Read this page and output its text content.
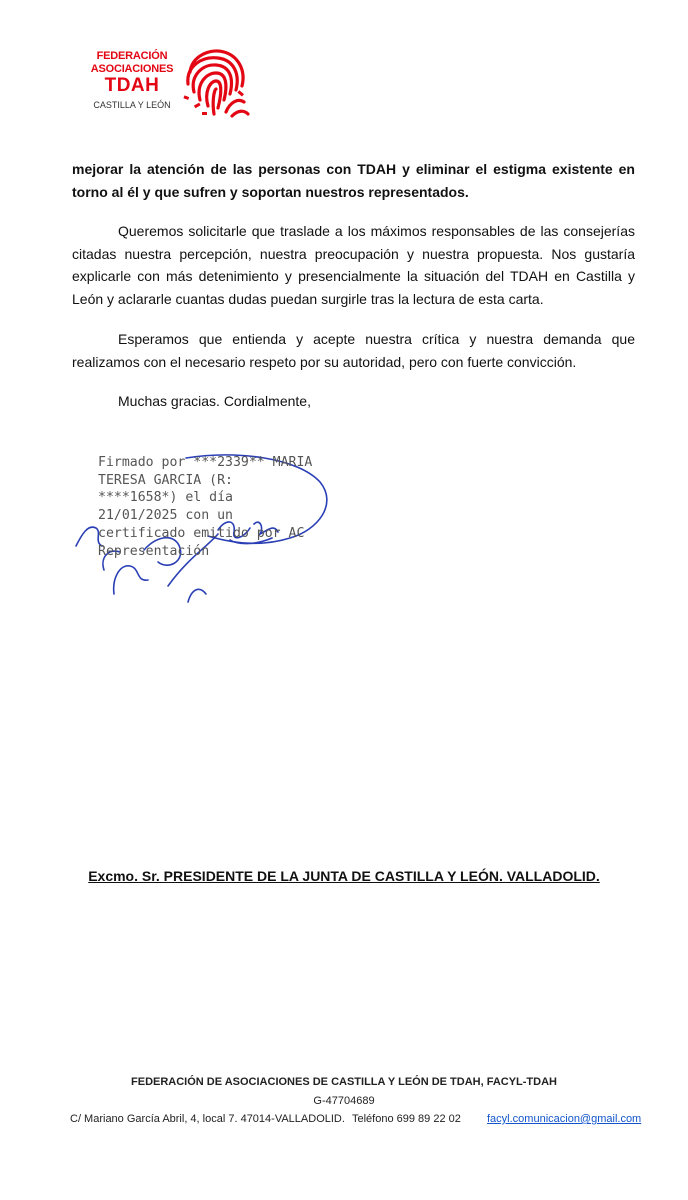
FEDERACIÓN
ASOCIACIONES
TDAH
CASTILLA Y LEÓN
mejorar la atención de las personas con TDAH y eliminar el estigma existente en torno al él y que sufren y soportan nuestros representados.
Queremos solicitarle que traslade a los máximos responsables de las consejerías citadas nuestra percepción, nuestra preocupación y nuestra propuesta. Nos gustaría explicarle con más detenimiento y presencialmente la situación del TDAH en Castilla y León y aclararle cuantas dudas puedan surgirle tras la lectura de esta carta.
Esperamos que entienda y acepte nuestra crítica y nuestra demanda que realizamos con el necesario respeto por su autoridad, pero con fuerte convicción.
Muchas gracias. Cordialmente,
Firmado por ***2339** MARIA
TERESA GARCIA (R:
****1658*) el día
21/01/2025 con un
certificado emitido por AC
Representación
Excmo. Sr. PRESIDENTE DE LA JUNTA DE CASTILLA Y LEÓN. VALLADOLID.
FEDERACIÓN DE ASOCIACIONES DE CASTILLA Y LEÓN DE TDAH, FACYL-TDAH
G-47704689
C/ Mariano García Abril, 4, local 7. 47014-VALLADOLID. Teléfono 699 89 22 02 facyl.comunicacion@gmail.com
